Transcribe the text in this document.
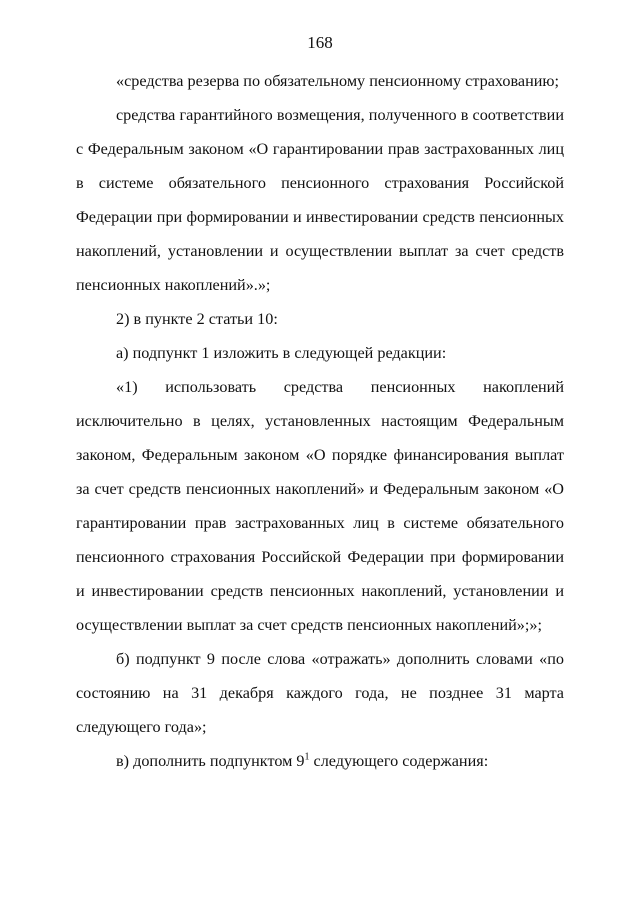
168

«средства резерва по обязательному пенсионному страхованию;

средства гарантийного возмещения, полученного в соответствии с Федеральным законом «О гарантировании прав застрахованных лиц в системе обязательного пенсионного страхования Российской Федерации при формировании и инвестировании средств пенсионных накоплений, установлении и осуществлении выплат за счет средств пенсионных накоплений».»;

2) в пункте 2 статьи 10:

а) подпункт 1 изложить в следующей редакции:

«1) использовать средства пенсионных накоплений исключительно в целях, установленных настоящим Федеральным законом, Федеральным законом «О порядке финансирования выплат за счет средств пенсионных накоплений» и Федеральным законом «О гарантировании прав застрахованных лиц в системе обязательного пенсионного страхования Российской Федерации при формировании и инвестировании средств пенсионных накоплений, установлении и осуществлении выплат за счет средств пенсионных накоплений»;»;

б) подпункт 9 после слова «отражать» дополнить словами «по состоянию на 31 декабря каждого года, не позднее 31 марта следующего года»;

в) дополнить подпунктом $9^1$ следующего содержания:
